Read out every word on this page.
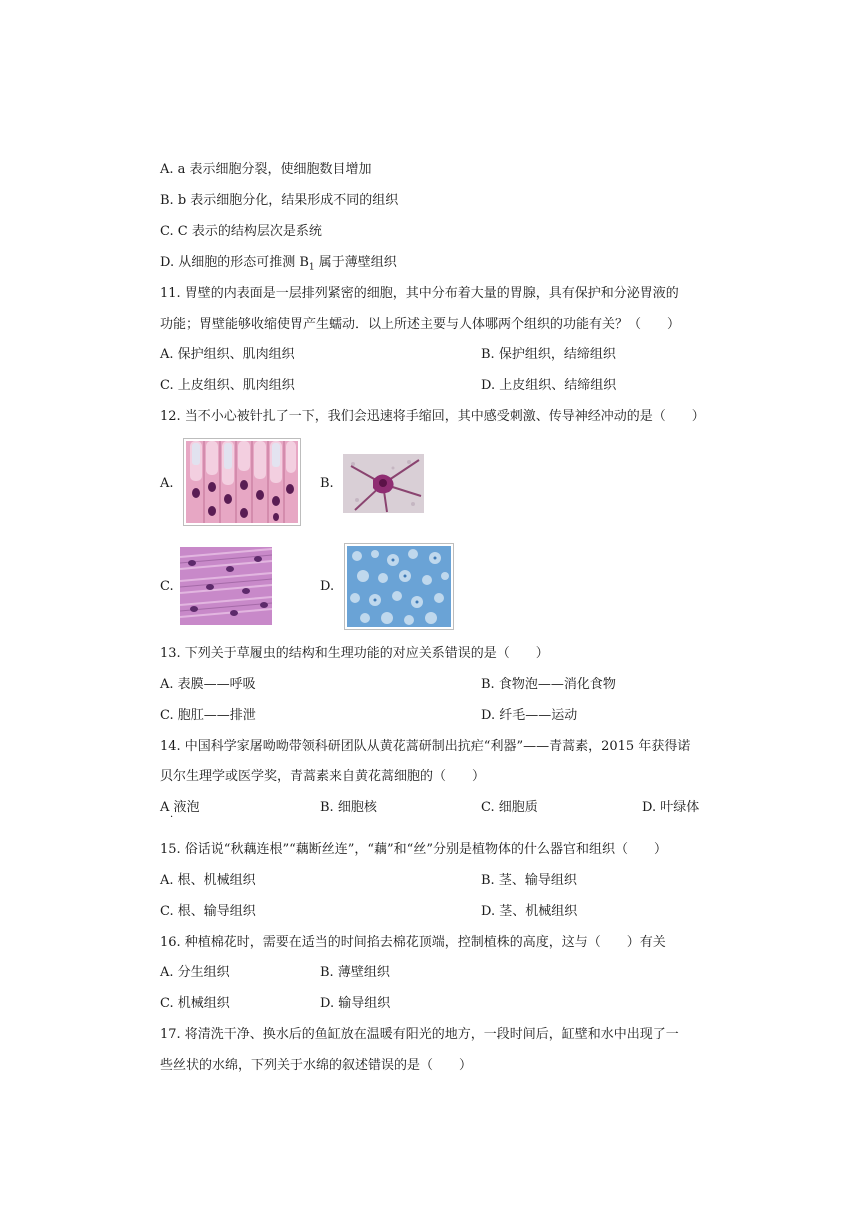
A. a 表示细胞分裂，使细胞数目增加
B. b 表示细胞分化，结果形成不同的组织
C. C 表示的结构层次是系统
D. 从细胞的形态可推测 $B_1$ 属于薄壁组织
11. 胃壁的内表面是一层排列紧密的细胞，其中分布着大量的胃腺，具有保护和分泌胃液的
功能；胃壁能够收缩使胃产生蠕动．以上所述主要与人体哪两个组织的功能有关？（　　）
A. 保护组织、肌肉组织	B. 保护组织，结缔组织
C. 上皮组织、肌肉组织	D. 上皮组织、结缔组织
12. 当不小心被针扎了一下，我们会迅速将手缩回，其中感受刺激、传导神经冲动的是（　　）
A.	B.
C.	D.
13. 下列关于草履虫的结构和生理功能的对应关系错误的是（　　）
A. 表膜——呼吸	B. 食物泡——消化食物
C. 胞肛——排泄	D. 纤毛——运动
14. 中国科学家屠呦呦带领科研团队从黄花蒿研制出抗疟“利器”——青蒿素，2015 年获得诺
贝尔生理学或医学奖，青蒿素来自黄花蒿细胞的（　　）
A 液泡
·
B. 细胞核	C. 细胞质	D. 叶绿体
15. 俗话说“秋藕连根”“藕断丝连”，“藕”和“丝”分别是植物体的什么器官和组织（　　）
A. 根、机械组织	B. 茎、输导组织
C. 根、输导组织	D. 茎、机械组织
16. 种植棉花时，需要在适当的时间掐去棉花顶端，控制植株的高度，这与（　　）有关
A. 分生组织	B. 薄壁组织
C. 机械组织	D. 输导组织
17. 将清洗干净、换水后的鱼缸放在温暖有阳光的地方，一段时间后，缸壁和水中出现了一
些丝状的水绵，下列关于水绵的叙述错误的是（　　）
